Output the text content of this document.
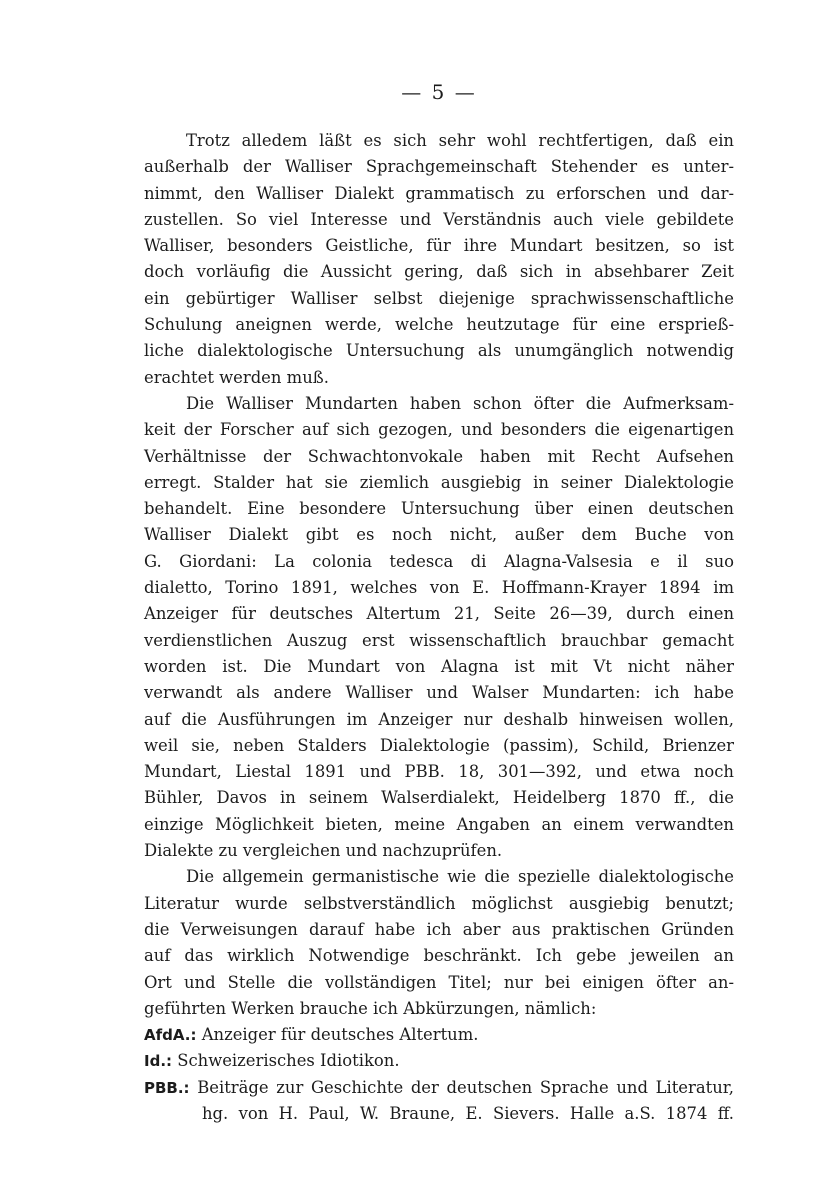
— 5 —
Trotz alledem läßt es sich sehr wohl rechtfertigen, daß ein
außerhalb der Walliser Sprachgemeinschaft Stehender es unter-
nimmt, den Walliser Dialekt grammatisch zu erforschen und dar-
zustellen. So viel Interesse und Verständnis auch viele gebildete
Walliser, besonders Geistliche, für ihre Mundart besitzen, so ist
doch vorläufig die Aussicht gering, daß sich in absehbarer Zeit
ein gebürtiger Walliser selbst diejenige sprachwissenschaftliche
Schulung aneignen werde, welche heutzutage für eine ersprieß-
liche dialektologische Untersuchung als unumgänglich notwendig
erachtet werden muß.
Die Walliser Mundarten haben schon öfter die Aufmerksam-
keit der Forscher auf sich gezogen, und besonders die eigenartigen
Verhältnisse der Schwachtonvokale haben mit Recht Aufsehen
erregt. Stalder hat sie ziemlich ausgiebig in seiner Dialektologie
behandelt. Eine besondere Untersuchung über einen deutschen
Walliser Dialekt gibt es noch nicht, außer dem Buche von
G. Giordani: La colonia tedesca di Alagna-Valsesia e il suo
dialetto, Torino 1891, welches von E. Hoffmann-Krayer 1894 im
Anzeiger für deutsches Altertum 21, Seite 26—39, durch einen
verdienstlichen Auszug erst wissenschaftlich brauchbar gemacht
worden ist. Die Mundart von Alagna ist mit Vt nicht näher
verwandt als andere Walliser und Walser Mundarten: ich habe
auf die Ausführungen im Anzeiger nur deshalb hinweisen wollen,
weil sie, neben Stalders Dialektologie (passim), Schild, Brienzer
Mundart, Liestal 1891 und PBB. 18, 301—392, und etwa noch
Bühler, Davos in seinem Walserdialekt, Heidelberg 1870 ff., die
einzige Möglichkeit bieten, meine Angaben an einem verwandten
Dialekte zu vergleichen und nachzuprüfen.
Die allgemein germanistische wie die spezielle dialektologische
Literatur wurde selbstverständlich möglichst ausgiebig benutzt;
die Verweisungen darauf habe ich aber aus praktischen Gründen
auf das wirklich Notwendige beschränkt. Ich gebe jeweilen an
Ort und Stelle die vollständigen Titel; nur bei einigen öfter an-
geführten Werken brauche ich Abkürzungen, nämlich:
AfdA.: Anzeiger für deutsches Altertum.
Id.: Schweizerisches Idiotikon.
PBB.: Beiträge zur Geschichte der deutschen Sprache und Literatur,
hg. von H. Paul, W. Braune, E. Sievers. Halle a.S. 1874 ff.
